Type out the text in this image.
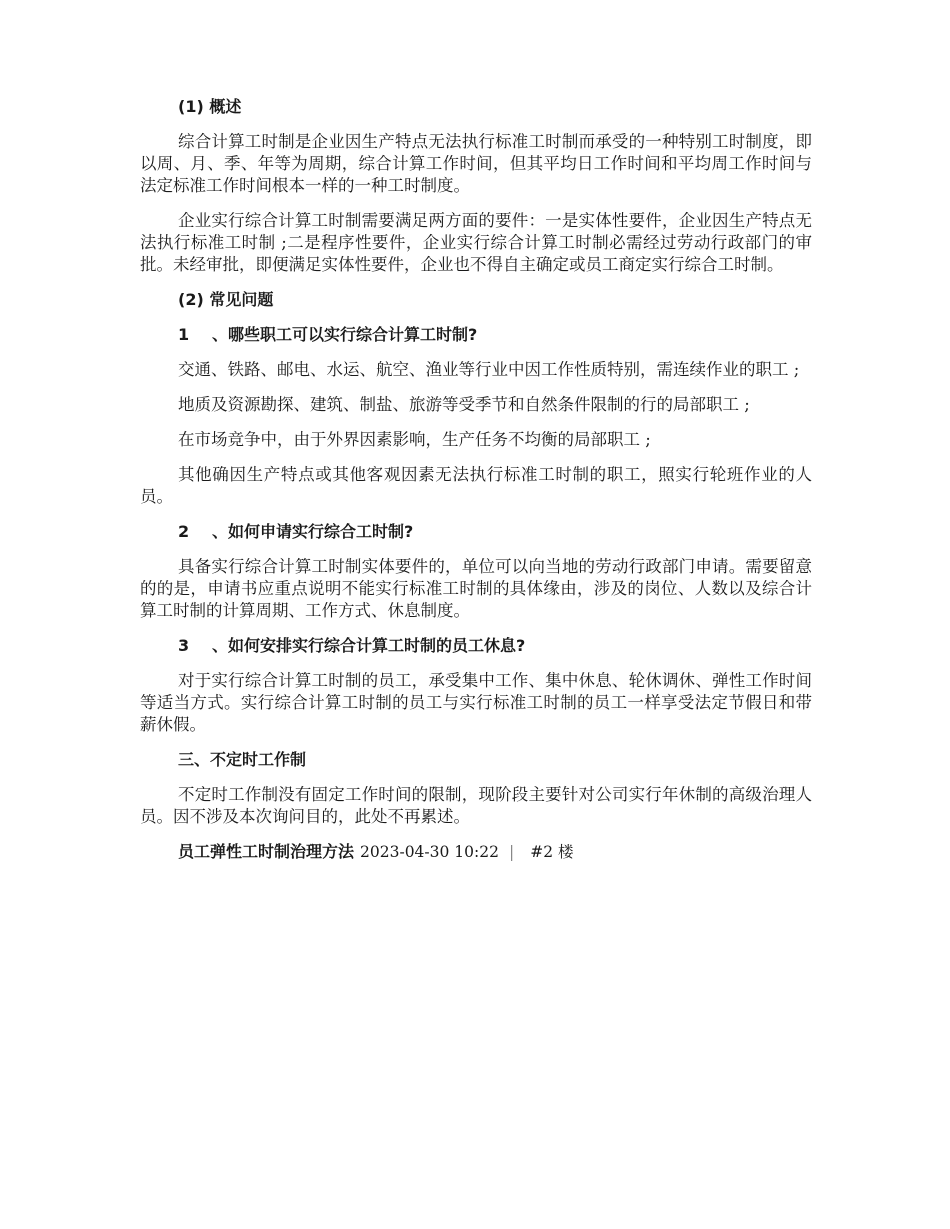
(1) 概述

综合计算工时制是企业因生产特点无法执行标准工时制而承受的一种特别工时制度，即以周、月、季、年等为周期，综合计算工作时间，但其平均日工作时间和平均周工作时间与法定标准工作时间根本一样的一种工时制度。

企业实行综合计算工时制需要满足两方面的要件：一是实体性要件，企业因生产特点无法执行标准工时制 ;二是程序性要件，企业实行综合计算工时制必需经过劳动行政部门的审批。未经审批，即便满足实体性要件，企业也不得自主确定或员工商定实行综合工时制。

(2) 常见问题

1 、哪些职工可以实行综合计算工时制?

交通、铁路、邮电、水运、航空、渔业等行业中因工作性质特别，需连续作业的职工 ;

地质及资源勘探、建筑、制盐、旅游等受季节和自然条件限制的行的局部职工 ;

在市场竞争中，由于外界因素影响，生产任务不均衡的局部职工 ;

其他确因生产特点或其他客观因素无法执行标准工时制的职工，照实行轮班作业的人员。

2 、如何申请实行综合工时制?

具备实行综合计算工时制实体要件的，单位可以向当地的劳动行政部门申请。需要留意的的是，申请书应重点说明不能实行标准工时制的具体缘由，涉及的岗位、人数以及综合计算工时制的计算周期、工作方式、休息制度。

3 、如何安排实行综合计算工时制的员工休息?

对于实行综合计算工时制的员工，承受集中工作、集中休息、轮休调休、弹性工作时间等适当方式。实行综合计算工时制的员工与实行标准工时制的员工一样享受法定节假日和带薪休假。

三、不定时工作制

不定时工作制没有固定工作时间的限制，现阶段主要针对公司实行年休制的高级治理人员。因不涉及本次询问目的，此处不再累述。

员工弹性工时制治理方法 2023-04-30 10:22 | #2 楼
